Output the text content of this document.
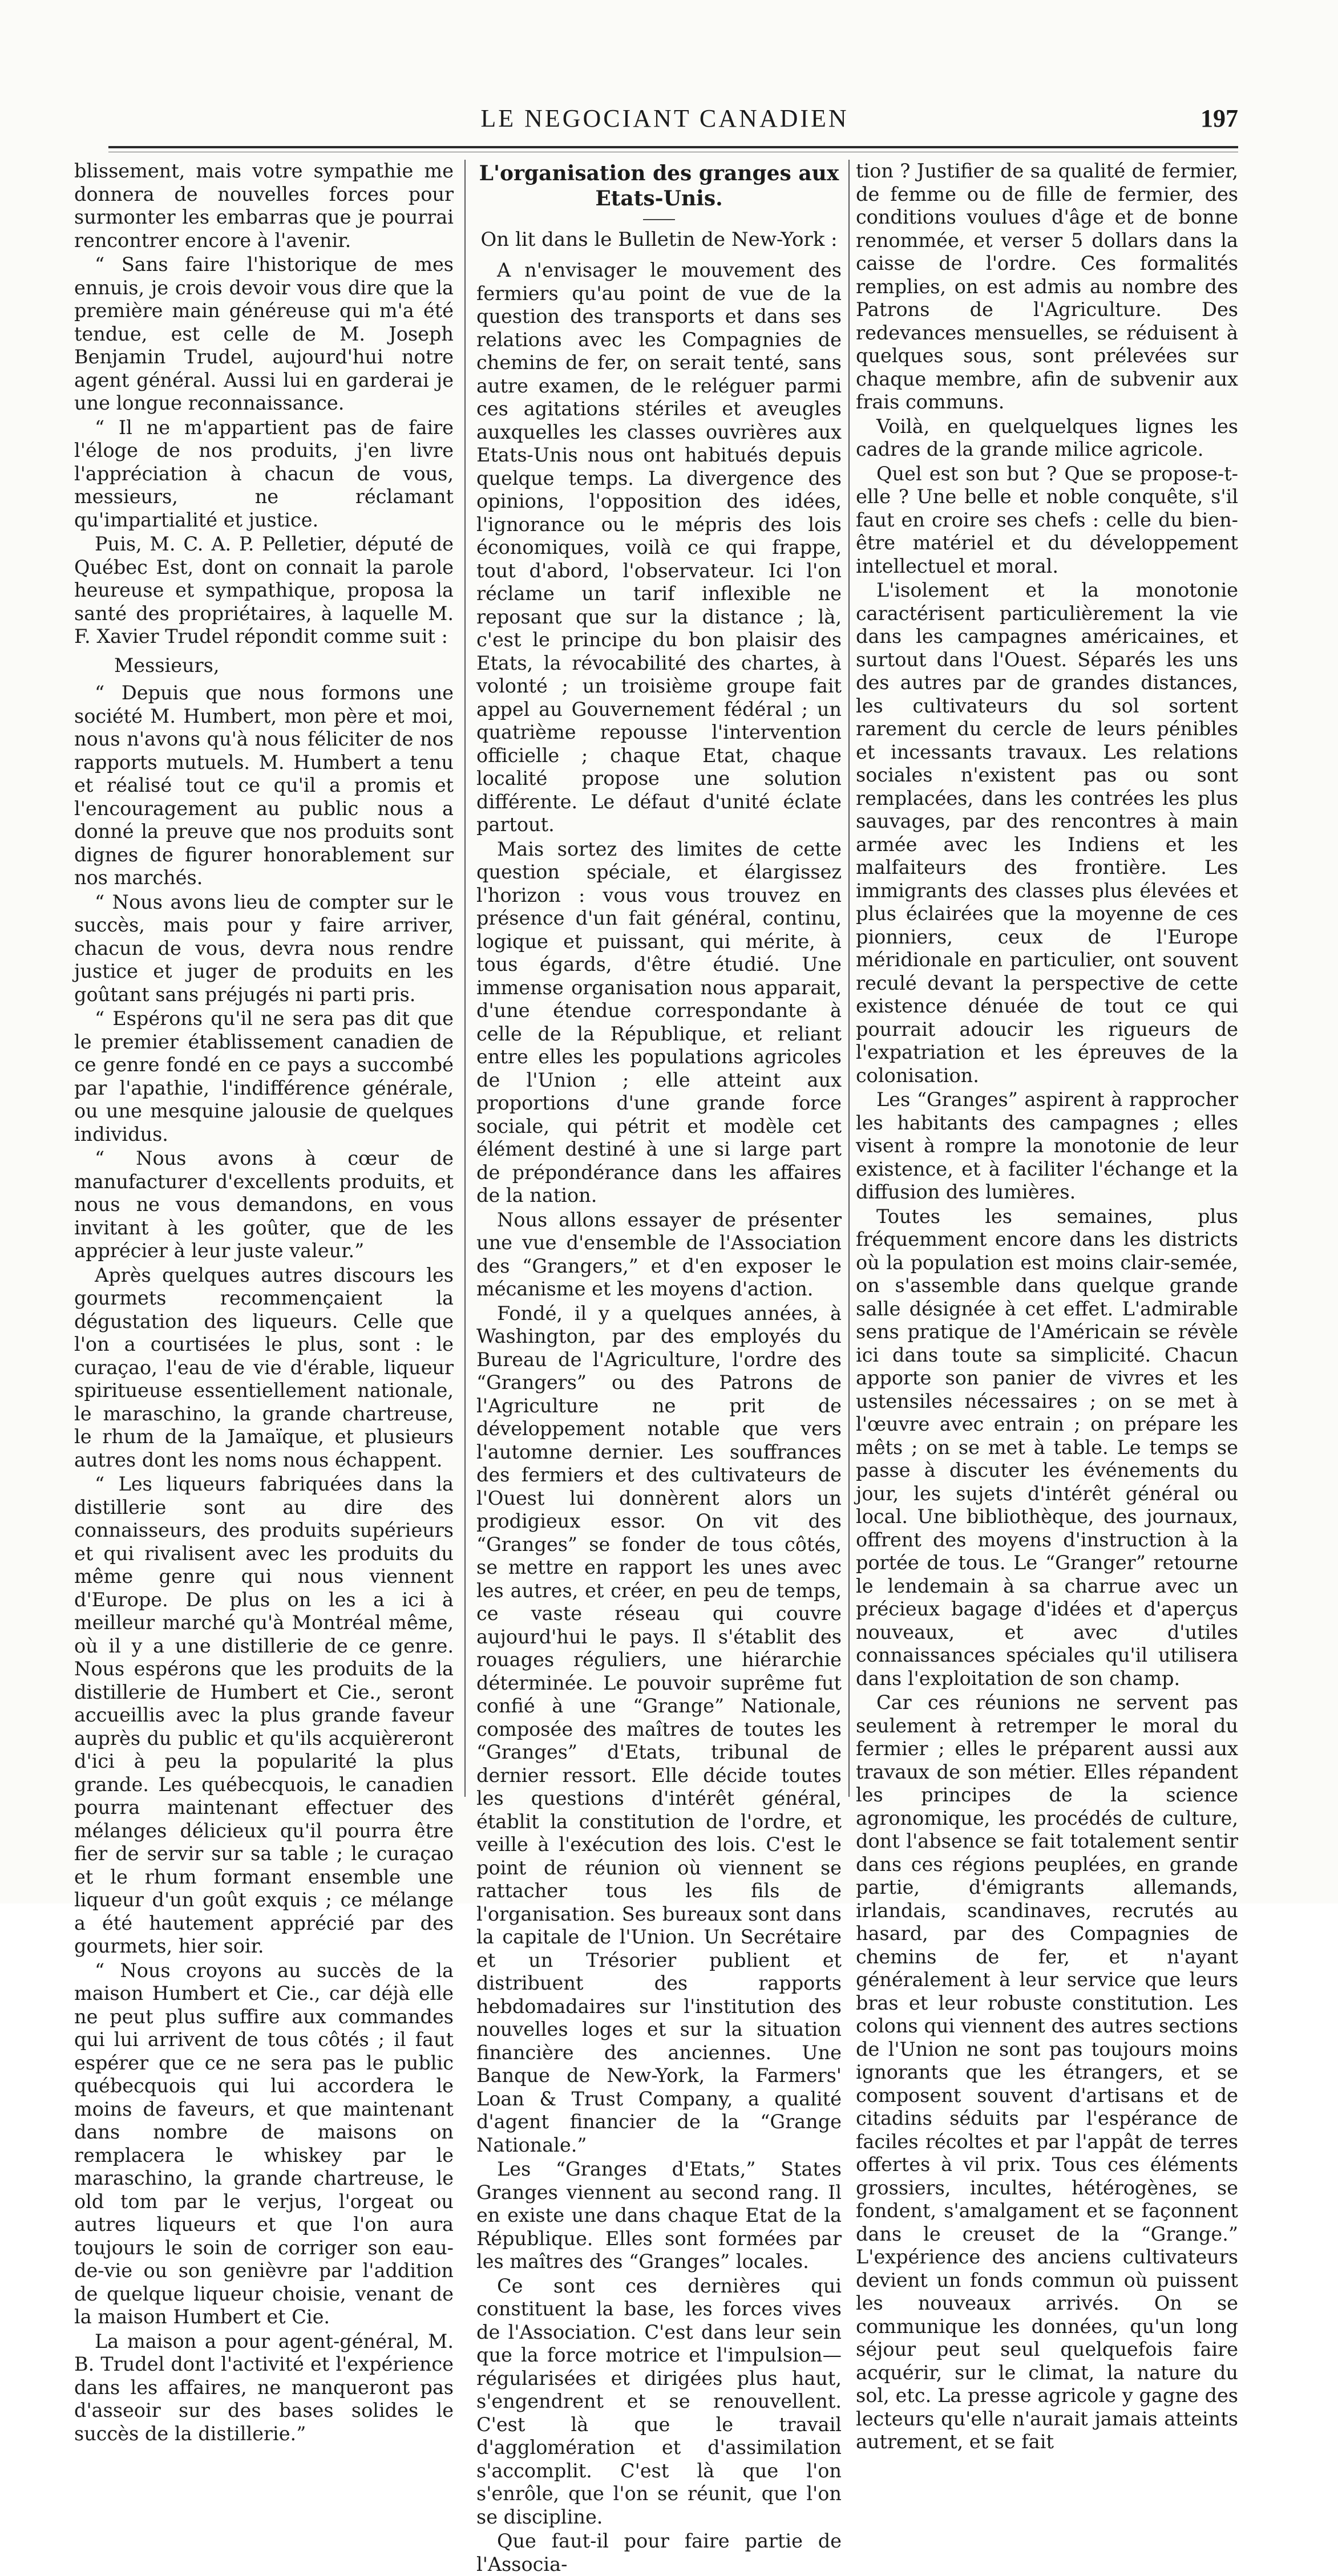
LE NEGOCIANT CANADIEN	197

blissement, mais votre sympathie me donnera de nouvelles forces pour surmonter les embarras que je pourrai rencontrer encore à l'avenir.

“ Sans faire l'historique de mes ennuis, je crois devoir vous dire que la première main généreuse qui m'a été tendue, est celle de M. Joseph Benjamin Trudel, aujourd'hui notre agent général. Aussi lui en garderai je une longue reconnaissance.

“ Il ne m'appartient pas de faire l'éloge de nos produits, j'en livre l'appréciation à chacun de vous, messieurs, ne réclamant qu'impartialité et justice.

Puis, M. C. A. P. Pelletier, député de Québec Est, dont on connait la parole heureuse et sympathique, proposa la santé des propriétaires, à laquelle M. F. Xavier Trudel répondit comme suit :

Messieurs,

“ Depuis que nous formons une société M. Humbert, mon père et moi, nous n'avons qu'à nous féliciter de nos rapports mutuels. M. Humbert a tenu et réalisé tout ce qu'il a promis et l'encouragement au public nous a donné la preuve que nos produits sont dignes de figurer honorablement sur nos marchés.

“ Nous avons lieu de compter sur le succès, mais pour y faire arriver, chacun de vous, devra nous rendre justice et juger de produits en les goûtant sans préjugés ni parti pris.

“ Espérons qu'il ne sera pas dit que le premier établissement canadien de ce genre fondé en ce pays a succombé par l'apathie, l'indifférence générale, ou une mesquine jalousie de quelques individus.

“ Nous avons à cœur de manufacturer d'excellents produits, et nous ne vous demandons, en vous invitant à les goûter, que de les apprécier à leur juste valeur.”

Après quelques autres discours les gourmets recommençaient la dégustation des liqueurs. Celle que l'on a courtisées le plus, sont : le curaçao, l'eau de vie d'érable, liqueur spiritueuse essentiellement nationale, le maraschino, la grande chartreuse, le rhum de la Jamaïque, et plusieurs autres dont les noms nous échappent.

“ Les liqueurs fabriquées dans la distillerie sont au dire des connaisseurs, des produits supérieurs et qui rivalisent avec les produits du même genre qui nous viennent d'Europe. De plus on les a ici à meilleur marché qu'à Montréal même, où il y a une distillerie de ce genre. Nous espérons que les produits de la distillerie de Humbert et Cie., seront accueillis avec la plus grande faveur auprès du public et qu'ils acquièreront d'ici à peu la popularité la plus grande. Les québecquois, le canadien pourra maintenant effectuer des mélanges délicieux qu'il pourra être fier de servir sur sa table ; le curaçao et le rhum formant ensemble une liqueur d'un goût exquis ; ce mélange a été hautement apprécié par des gourmets, hier soir.

“ Nous croyons au succès de la maison Humbert et Cie., car déjà elle ne peut plus suffire aux commandes qui lui arrivent de tous côtés ; il faut espérer que ce ne sera pas le public québecquois qui lui accordera le moins de faveurs, et que maintenant dans nombre de maisons on remplacera le whiskey par le maraschino, la grande chartreuse, le old tom par le verjus, l'orgeat ou autres liqueurs et que l'on aura toujours le soin de corriger son eau-de-vie ou son genièvre par l'addition de quelque liqueur choisie, venant de la maison Humbert et Cie.

La maison a pour agent-général, M. B. Trudel dont l'activité et l'expérience dans les affaires, ne manqueront pas d'asseoir sur des bases solides le succès de la distillerie.”

L'organisation des granges aux Etats-Unis.
On lit dans le Bulletin de New-York :

A n'envisager le mouvement des fermiers qu'au point de vue de la question des transports et dans ses relations avec les Compagnies de chemins de fer, on serait tenté, sans autre examen, de le reléguer parmi ces agitations stériles et aveugles auxquelles les classes ouvrières aux Etats-Unis nous ont habitués depuis quelque temps. La divergence des opinions, l'opposition des idées, l'ignorance ou le mépris des lois économiques, voilà ce qui frappe, tout d'abord, l'observateur. Ici l'on réclame un tarif inflexible ne reposant que sur la distance ; là, c'est le principe du bon plaisir des Etats, la révocabilité des chartes, à volonté ; un troisième groupe fait appel au Gouvernement fédéral ; un quatrième repousse l'intervention officielle ; chaque Etat, chaque localité propose une solution différente. Le défaut d'unité éclate partout.

Mais sortez des limites de cette question spéciale, et élargissez l'horizon : vous vous trouvez en présence d'un fait général, continu, logique et puissant, qui mérite, à tous égards, d'être étudié. Une immense organisation nous apparait, d'une étendue correspondante à celle de la République, et reliant entre elles les populations agricoles de l'Union ; elle atteint aux proportions d'une grande force sociale, qui pétrit et modèle cet élément destiné à une si large part de prépondérance dans les affaires de la nation.

Nous allons essayer de présenter une vue d'ensemble de l'Association des “Grangers,” et d'en exposer le mécanisme et les moyens d'action.

Fondé, il y a quelques années, à Washington, par des employés du Bureau de l'Agriculture, l'ordre des “Grangers” ou des Patrons de l'Agriculture ne prit de développement notable que vers l'automne dernier. Les souffrances des fermiers et des cultivateurs de l'Ouest lui donnèrent alors un prodigieux essor. On vit des “Granges” se fonder de tous côtés, se mettre en rapport les unes avec les autres, et créer, en peu de temps, ce vaste réseau qui couvre aujourd'hui le pays. Il s'établit des rouages réguliers, une hiérarchie déterminée. Le pouvoir suprême fut confié à une “Grange” Nationale, composée des maîtres de toutes les “Granges” d'Etats, tribunal de dernier ressort. Elle décide toutes les questions d'intérêt général, établit la constitution de l'ordre, et veille à l'exécution des lois. C'est le point de réunion où viennent se rattacher tous les fils de l'organisation. Ses bureaux sont dans la capitale de l'Union. Un Secrétaire et un Trésorier publient et distribuent des rapports hebdomadaires sur l'institution des nouvelles loges et sur la situation financière des anciennes. Une Banque de New-York, la Farmers' Loan & Trust Company, a qualité d'agent financier de la “Grange Nationale.”

Les “Granges d'Etats,” States Granges viennent au second rang. Il en existe une dans chaque Etat de la République. Elles sont formées par les maîtres des “Granges” locales.

Ce sont ces dernières qui constituent la base, les forces vives de l'Association. C'est dans leur sein que la force motrice et l'impulsion—régularisées et dirigées plus haut, s'engendrent et se renouvellent. C'est là que le travail d'agglomération et d'assimilation s'accomplit. C'est là que l'on s'enrôle, que l'on se réunit, que l'on se discipline.

Que faut-il pour faire partie de l'Associa-

tion ? Justifier de sa qualité de fermier, de femme ou de fille de fermier, des conditions voulues d'âge et de bonne renommée, et verser 5 dollars dans la caisse de l'ordre. Ces formalités remplies, on est admis au nombre des Patrons de l'Agriculture. Des redevances mensuelles, se réduisent à quelques sous, sont prélevées sur chaque membre, afin de subvenir aux frais communs.

Voilà, en quelquelques lignes les cadres de la grande milice agricole.

Quel est son but ? Que se propose-t-elle ? Une belle et noble conquête, s'il faut en croire ses chefs : celle du bien-être matériel et du développement intellectuel et moral.

L'isolement et la monotonie caractérisent particulièrement la vie dans les campagnes américaines, et surtout dans l'Ouest. Séparés les uns des autres par de grandes distances, les cultivateurs du sol sortent rarement du cercle de leurs pénibles et incessants travaux. Les relations sociales n'existent pas ou sont remplacées, dans les contrées les plus sauvages, par des rencontres à main armée avec les Indiens et les malfaiteurs des frontière. Les immigrants des classes plus élevées et plus éclairées que la moyenne de ces pionniers, ceux de l'Europe méridionale en particulier, ont souvent reculé devant la perspective de cette existence dénuée de tout ce qui pourrait adoucir les rigueurs de l'expatriation et les épreuves de la colonisation.

Les “Granges” aspirent à rapprocher les habitants des campagnes ; elles visent à rompre la monotonie de leur existence, et à faciliter l'échange et la diffusion des lumières.

Toutes les semaines, plus fréquemment encore dans les districts où la population est moins clair-semée, on s'assemble dans quelque grande salle désignée à cet effet. L'admirable sens pratique de l'Américain se révèle ici dans toute sa simplicité. Chacun apporte son panier de vivres et les ustensiles nécessaires ; on se met à l'œuvre avec entrain ; on prépare les mêts ; on se met à table. Le temps se passe à discuter les événements du jour, les sujets d'intérêt général ou local. Une bibliothèque, des journaux, offrent des moyens d'instruction à la portée de tous. Le “Granger” retourne le lendemain à sa charrue avec un précieux bagage d'idées et d'aperçus nouveaux, et avec d'utiles connaissances spéciales qu'il utilisera dans l'exploitation de son champ.

Car ces réunions ne servent pas seulement à retremper le moral du fermier ; elles le préparent aussi aux travaux de son métier. Elles répandent les principes de la science agronomique, les procédés de culture, dont l'absence se fait totalement sentir dans ces régions peuplées, en grande partie, d'émigrants allemands, irlandais, scandinaves, recrutés au hasard, par des Compagnies de chemins de fer, et n'ayant généralement à leur service que leurs bras et leur robuste constitution. Les colons qui viennent des autres sections de l'Union ne sont pas toujours moins ignorants que les étrangers, et se composent souvent d'artisans et de citadins séduits par l'espérance de faciles récoltes et par l'appât de terres offertes à vil prix. Tous ces éléments grossiers, incultes, hétérogènes, se fondent, s'amalgament et se façonnent dans le creuset de la “Grange.” L'expérience des anciens cultivateurs devient un fonds commun où puissent les nouveaux arrivés. On se communique les données, qu'un long séjour peut seul quelquefois faire acquérir, sur le climat, la nature du sol, etc. La presse agricole y gagne des lecteurs qu'elle n'aurait jamais atteints autrement, et se fait
